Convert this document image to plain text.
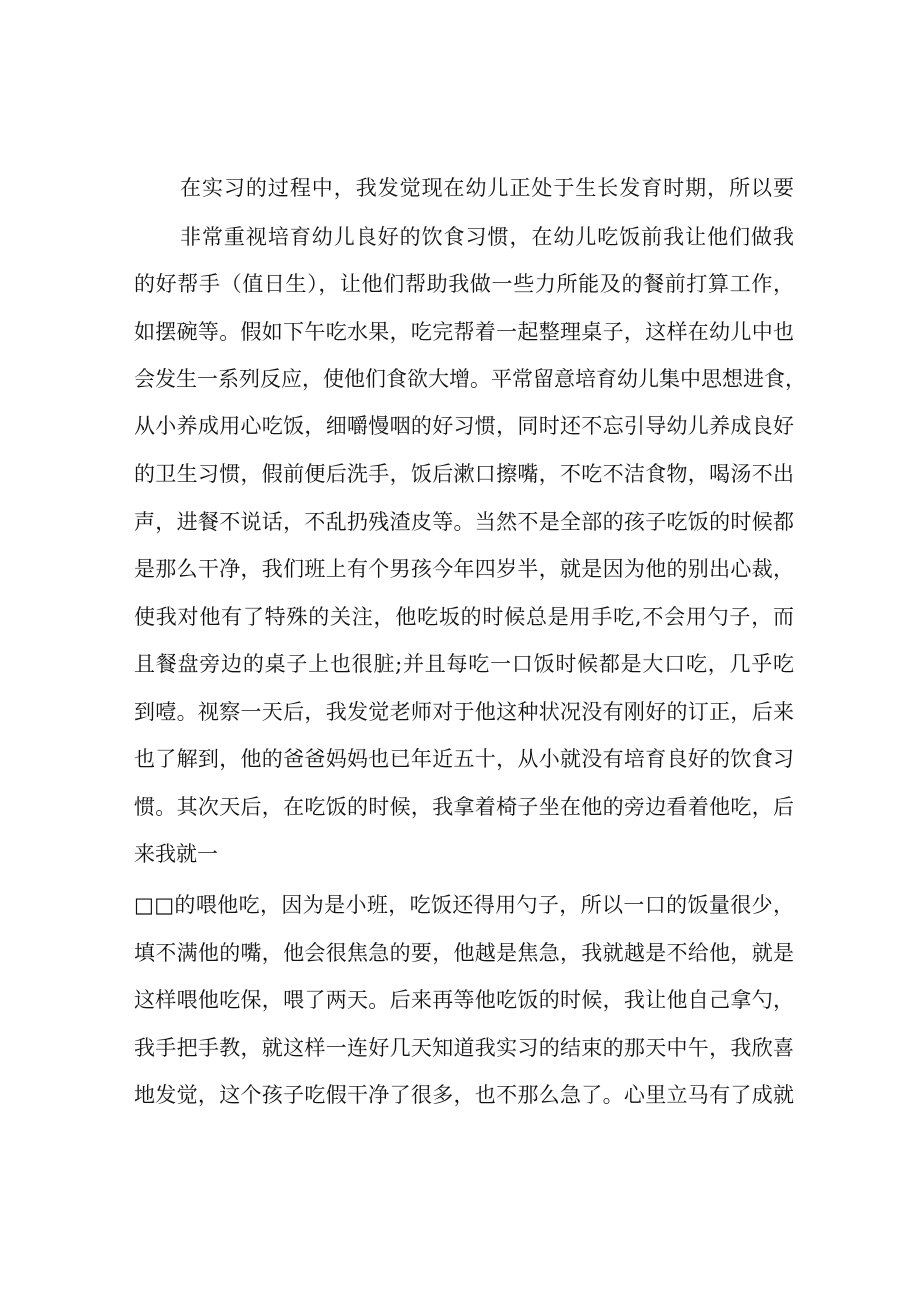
在实习的过程中，我发觉现在幼儿正处于生长发育时期，所以要
非常重视培育幼儿良好的饮食习惯，在幼儿吃饭前我让他们做我
的好帮手（值日生），让他们帮助我做一些力所能及的餐前打算工作，
如摆碗等。假如下午吃水果，吃完帮着一起整理桌子，这样在幼儿中也
会发生一系列反应，使他们食欲大增。平常留意培育幼儿集中思想进食，
从小养成用心吃饭，细嚼慢咽的好习惯，同时还不忘引导幼儿养成良好
的卫生习惯，假前便后洗手，饭后漱口擦嘴，不吃不洁食物，喝汤不出
声，进餐不说话，不乱扔残渣皮等。当然不是全部的孩子吃饭的时候都
是那么干净，我们班上有个男孩今年四岁半，就是因为他的别出心裁，
使我对他有了特殊的关注，他吃坂的时候总是用手吃,不会用勺子，而
且餐盘旁边的桌子上也很脏;并且每吃一口饭时候都是大口吃，几乎吃
到噎。视察一天后，我发觉老师对于他这种状况没有刚好的订正，后来
也了解到，他的爸爸妈妈也已年近五十，从小就没有培育良好的饮食习
惯。其次天后，在吃饭的时候，我拿着椅子坐在他的旁边看着他吃，后
来我就一
□□的喂他吃，因为是小班，吃饭还得用勺子，所以一口的饭量很少，
填不满他的嘴，他会很焦急的要，他越是焦急，我就越是不给他，就是
这样喂他吃保，喂了两天。后来再等他吃饭的时候，我让他自己拿勺，
我手把手教，就这样一连好几天知道我实习的结束的那天中午，我欣喜
地发觉，这个孩子吃假干净了很多，也不那么急了。心里立马有了成就
